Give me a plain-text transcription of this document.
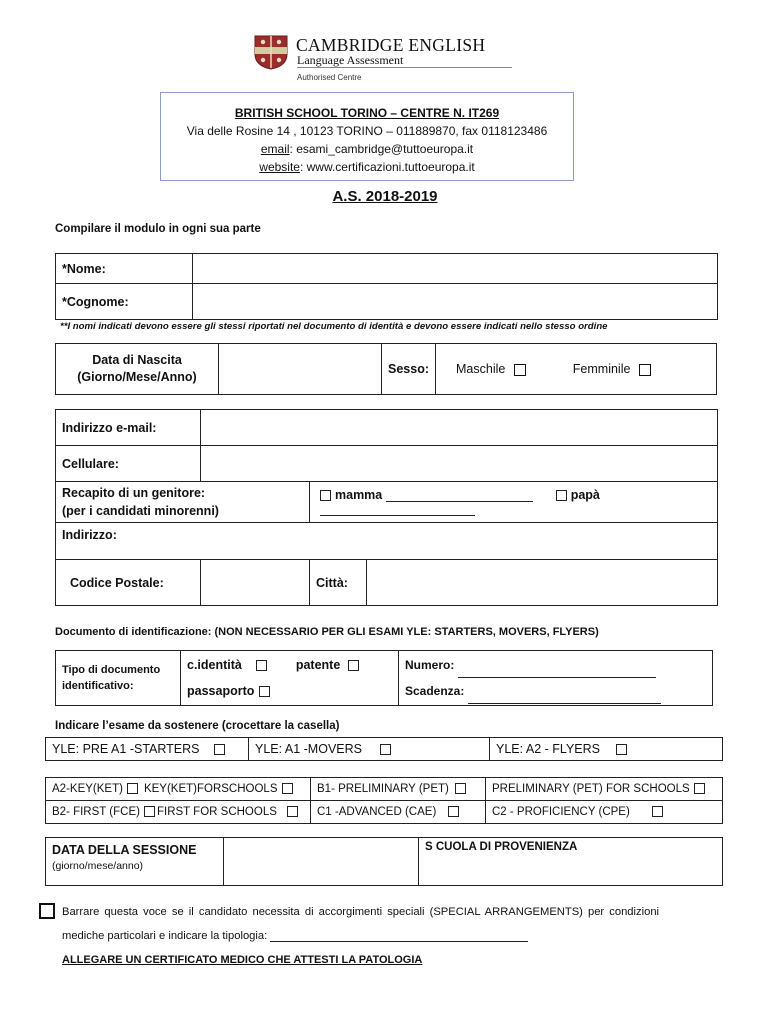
CAMBRIDGE ENGLISH
Language Assessment
Authorised Centre
BRITISH SCHOOL TORINO – CENTRE N. IT269
Via delle Rosine 14 , 10123 TORINO – 011889870, fax 0118123486
email: esami_cambridge@tuttoeuropa.it
website: www.certificazioni.tuttoeuropa.it
A.S. 2018-2019
Compilare il modulo in ogni sua parte
*Nome:	
*Cognome:	
**I nomi indicati devono essere gli stessi riportati nel documento di identità e devono essere indicati nello stesso ordine
Data di Nascita
(Giorno/Mese/Anno)
		Sesso:	Maschile	Femminile
Indirizzo e-mail:			
Cellulare:			

Recapito di un genitore:
(per i candidati minorenni)		mamma papà	
Indirizzo:			
Codice Postale:		Città:	
Documento di identificazione: (NON NECESSARIO PER GLI ESAMI YLE: STARTERS, MOVERS, FLYERS)
Tipo di documento
identificativo:

c.identità	patente
passaporto

Numero:
Scadenza:
Indicare l’esame da sostenere (crocettare la casella)
YLE: PRE A1 -STARTERS	YLE: A1 -MOVERS	YLE: A2 - FLYERS
A2-KEY(KET) KEY(KET)FORSCHOOLS	B1- PRELIMINARY (PET)	PRELIMINARY (PET) FOR SCHOOLS
B2- FIRST (FCE) FIRST FOR SCHOOLS	C1 -ADVANCED (CAE)	C2 - PROFICIENCY (CPE)
DATA DELLA SESSIONE
(giorno/mese/anno)
		S CUOLA DI PROVENIENZA
Barrare questa voce se il candidato necessita di accorgimenti speciali (SPECIAL ARRANGEMENTS) per condizioni
mediche particolari e indicare la tipologia:
ALLEGARE UN CERTIFICATO MEDICO CHE ATTESTI LA PATOLOGIA
